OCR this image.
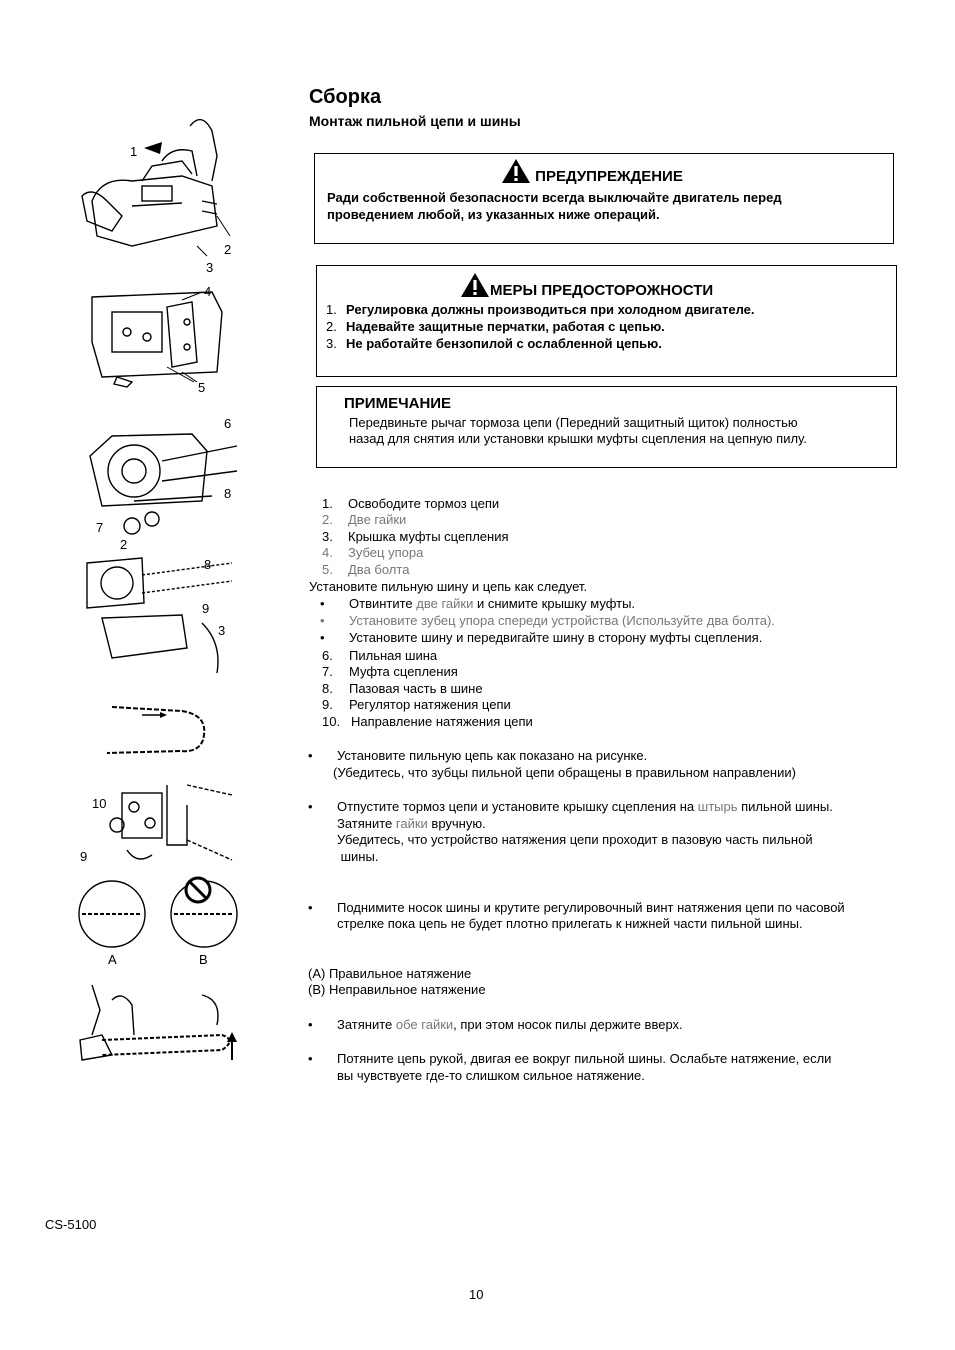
Сборка
Монтаж пильной цепи и шины
ПРЕДУПРЕЖДЕНИЕ
Ради собственной безопасности всегда выключайте двигатель перед
проведением любой, из указанных ниже операций.
МЕРЫ ПРЕДОСТОРОЖНОСТИ
1. Регулировка должны производиться при холодном двигателе.
2. Надевайте защитные перчатки, работая с цепью.
3. Не работайте бензопилой с ослабленной цепью.
ПРИМЕЧАНИЕ
Передвиньте рычаг тормоза цепи (Передний защитный щиток) полностью
назад для снятия или установки крышки муфты сцепления на цепную пилу.
1. Освободите тормоз цепи
2. Две гайки
3. Крышка муфты сцепления
4. Зубец упора
5. Два болта
Установите пильную шину и цепь как следует.
• Отвинтите две гайки и снимите крышку муфты.
• Установите зубец упора спереди устройства (Используйте два болта).
• Установите шину и передвигайте шину в сторону муфты сцепления.
6. Пильная шина
7. Муфта сцепления
8. Пазовая часть в шине
9. Регулятор натяжения цепи
10. Направление натяжения цепи
• Установите пильную цепь как показано на рисунке.
(Убедитесь, что зубцы пильной цепи обращены в правильном направлении)
• Отпустите тормоз цепи и установите крышку сцепления на штырь пильной шины.
Затяните гайки вручную.
Убедитесь, что устройство натяжения цепи проходит в пазовую часть пильной
шины.
• Поднимите носок шины и крутите регулировочный винт натяжения цепи по часовой
стрелке пока цепь не будет плотно прилегать к нижней части пильной шины.
(A) Правильное натяжение
(B) Неправильное натяжение
• Затяните обе гайки, при этом носок пилы держите вверх.
• Потяните цепь рукой, двигая ее вокруг пильной шины. Ослабьте натяжение, если
вы чувствуете где-то слишком сильное натяжение.
CS-5100
10
1
2
3
4
5
6
8
7
2
8
9
3
10
9
A	B
